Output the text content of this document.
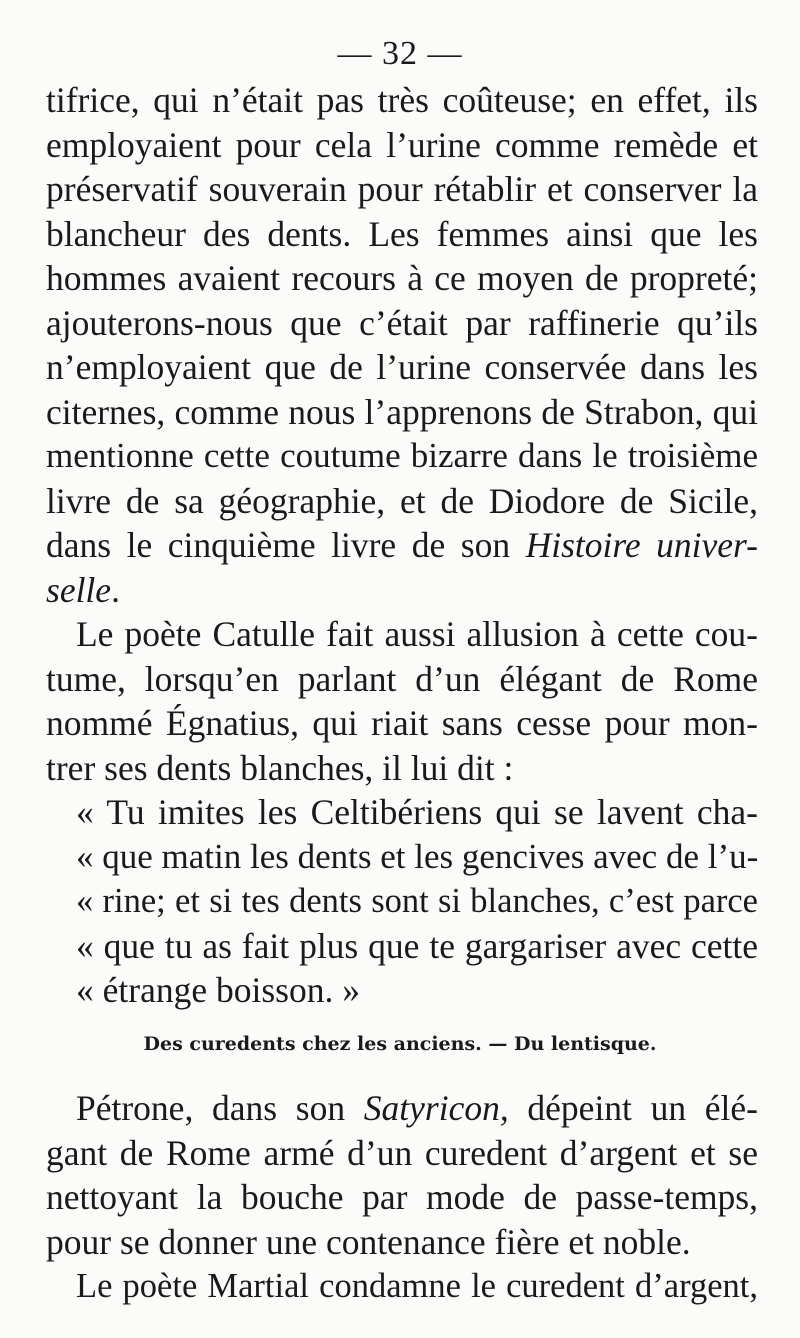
— 32 —
tifrice, qui n’était pas très coûteuse; en effet, ils
employaient pour cela l’urine comme remède et
préservatif souverain pour rétablir et conserver la
blancheur des dents. Les femmes ainsi que les
hommes avaient recours à ce moyen de propreté;
ajouterons-nous que c’était par raffinerie qu’ils
n’employaient que de l’urine conservée dans les
citernes, comme nous l’apprenons de Strabon, qui
mentionne cette coutume bizarre dans le troisième
livre de sa géographie, et de Diodore de Sicile,
dans le cinquième livre de son Histoire univer-
selle.
Le poète Catulle fait aussi allusion à cette cou-
tume, lorsqu’en parlant d’un élégant de Rome
nommé Égnatius, qui riait sans cesse pour mon-
trer ses dents blanches, il lui dit :
« Tu imites les Celtibériens qui se lavent cha-
« que matin les dents et les gencives avec de l’u-
« rine; et si tes dents sont si blanches, c’est parce
« que tu as fait plus que te gargariser avec cette
« étrange boisson. »
Des curedents chez les anciens. — Du lentisque.
Pétrone, dans son Satyricon, dépeint un élé-
gant de Rome armé d’un curedent d’argent et se
nettoyant la bouche par mode de passe-temps,
pour se donner une contenance fière et noble.
Le poète Martial condamne le curedent d’argent,
